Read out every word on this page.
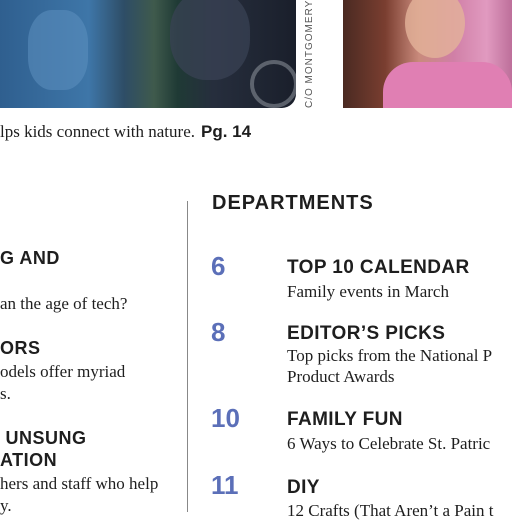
C/O MONTGOMERY
lps kids connect with nature. Pg. 14
G AND
an the age of tech?
ORS
odels offer myriad
s.
UNSUNG
ATION
hers and staff who help
y.
DEPARTMENTS
6	TOP 10 CALENDAR
Family events in March
8	EDITOR’S PICKS
Top picks from the National P
Product Awards
10 FAMILY FUN
6 Ways to Celebrate St. Patric
11	DIY
12 Crafts (That Aren’t a Pain t
